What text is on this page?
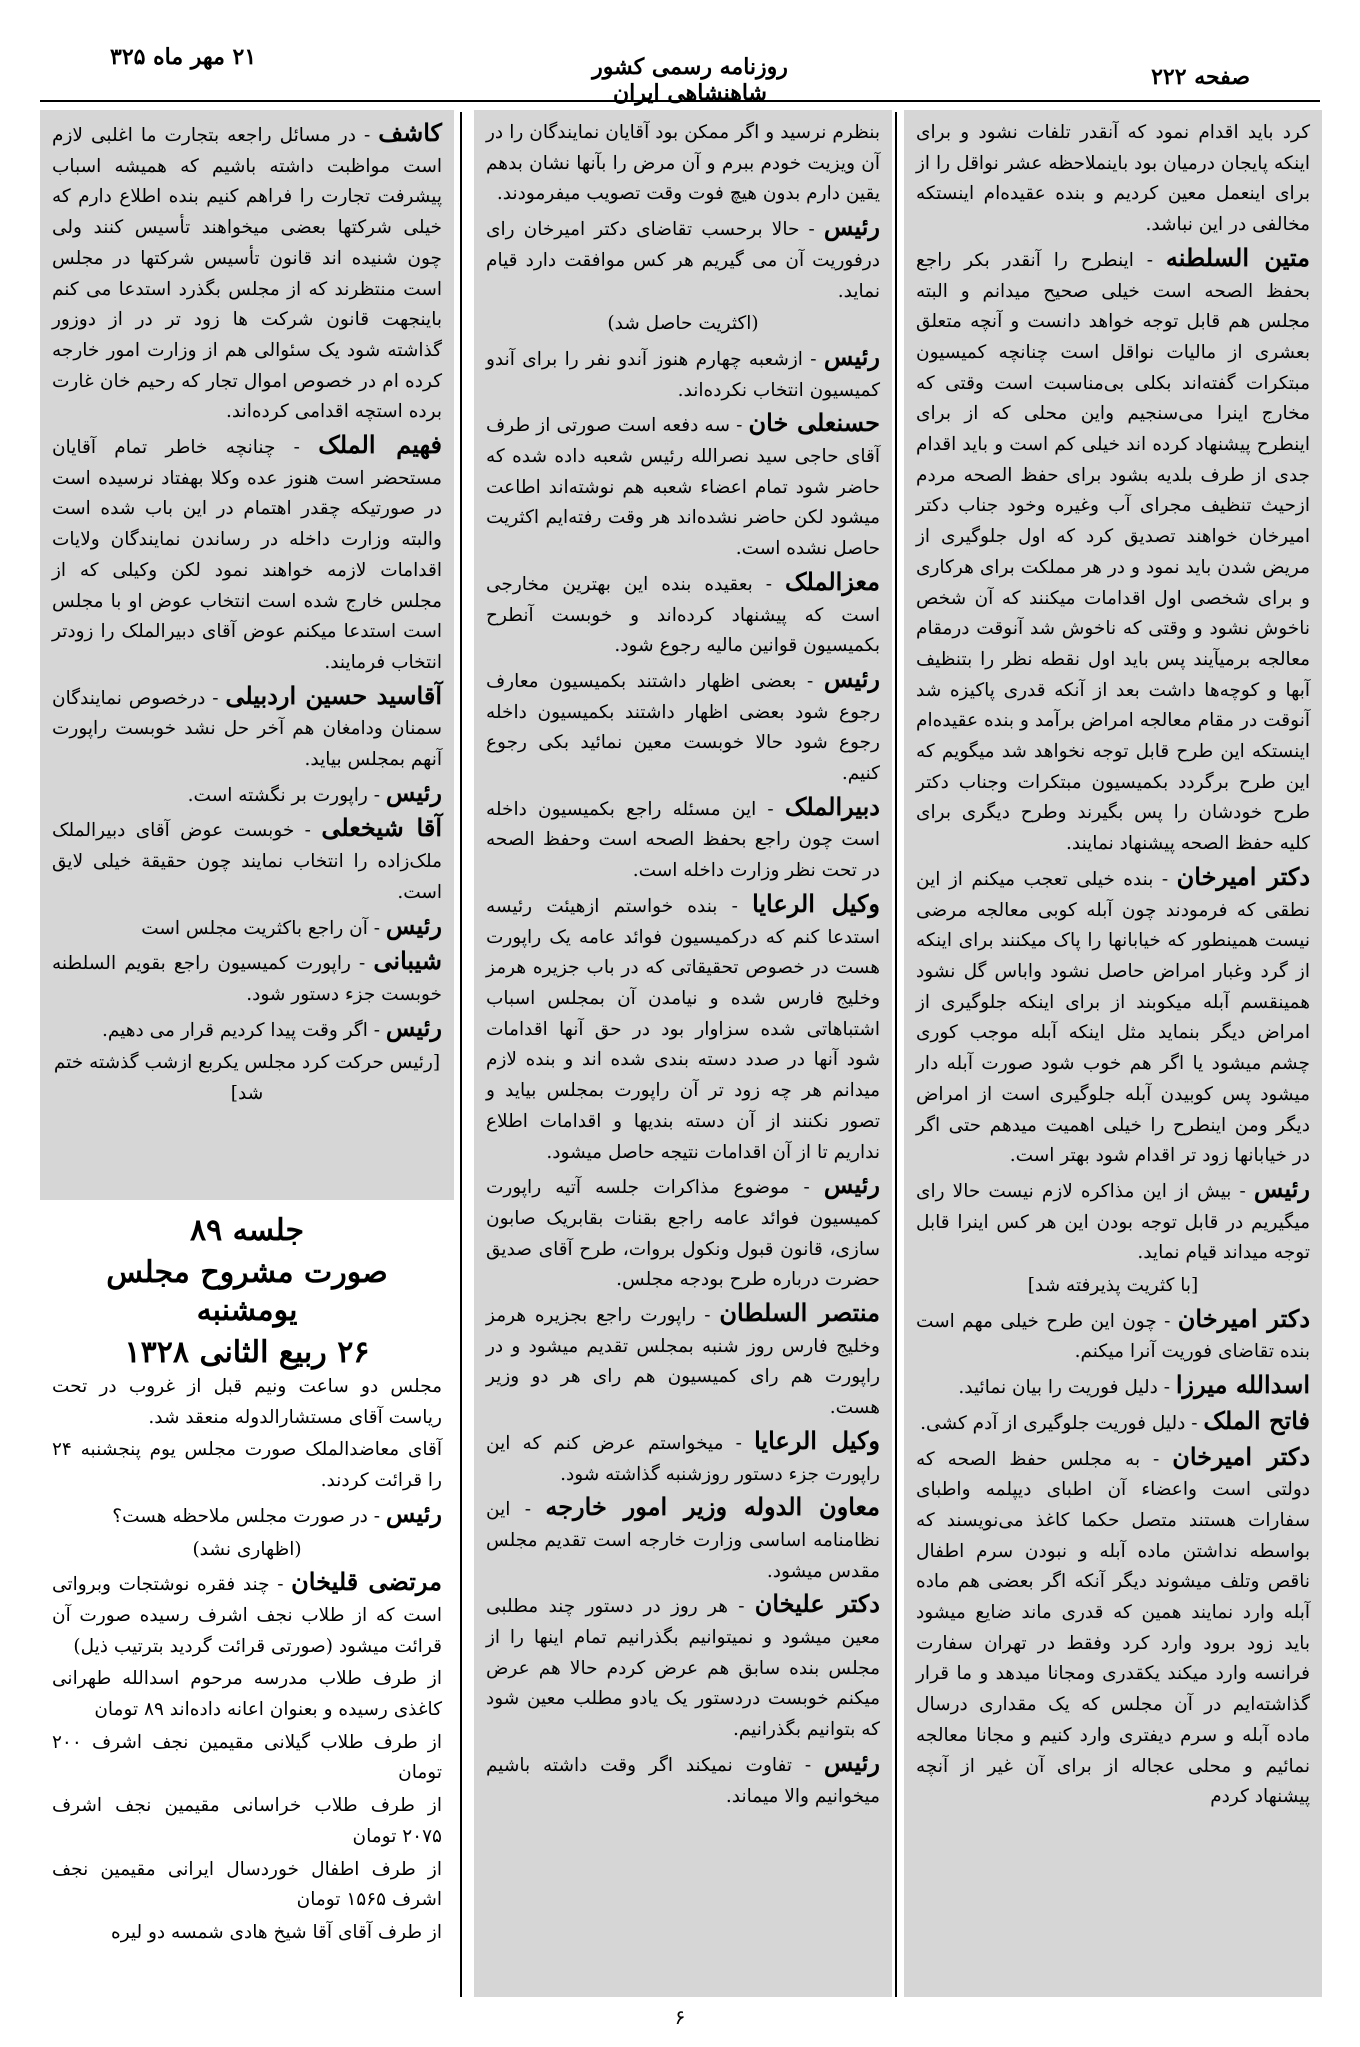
صفحه ۲۲۲
روزنامه رسمی کشور شاهنشاهی ایران
۲۱ مهر ماه ۳۲۵

کرد باید اقدام نمود که آنقدر تلفات نشود و برای اینکه پایجان درمیان بود باینملاحظه عشر نواقل را از برای اینعمل معین کردیم و بنده عقیده‌ام اینستکه مخالفی در این نباشد.

متین السلطنه - اینطرح را آنقدر بکر راجع بحفظ الصحه است خیلی صحیح میدانم و البته مجلس هم قابل توجه خواهد دانست و آنچه متعلق بعشری از مالیات نواقل است چنانچه کمیسیون مبتکرات گفته‌اند بکلی بی‌مناسبت است وقتی که مخارج اینرا می‌سنجیم واین محلی که از برای اینطرح پیشنهاد کرده اند خیلی کم است و باید اقدام جدی از طرف بلدیه بشود برای حفظ الصحه مردم ازحیث تنظیف مجرای آب وغیره وخود جناب دکتر امیرخان خواهند تصدیق کرد که اول جلوگیری از مریض شدن باید نمود و در هر مملکت برای هرکاری و برای شخصی اول اقدامات میکنند که آن شخص ناخوش نشود و وقتی که ناخوش شد آنوقت درمقام معالجه برمیآیند پس باید اول نقطه نظر را بتنظیف آبها و کوچه‌ها داشت بعد از آنکه قدری پاکیزه شد آنوقت در مقام معالجه امراض برآمد و بنده عقیده‌ام اینستکه این طرح قابل توجه نخواهد شد میگویم که این طرح برگردد بکمیسیون مبتکرات وجناب دکتر طرح خودشان را پس بگیرند وطرح دیگری برای کلیه حفظ الصحه پیشنهاد نمایند.

دکتر امیرخان - بنده خیلی تعجب میکنم از این نطقی که فرمودند چون آبله کوبی معالجه مرضی نیست همینطور که خیابانها را پاک میکنند برای اینکه از گرد وغبار امراض حاصل نشود واباس گل نشود همینقسم آبله میکوبند از برای اینکه جلوگیری از امراض دیگر بنماید مثل اینکه آبله موجب کوری چشم میشود یا اگر هم خوب شود صورت آبله دار میشود پس کوبیدن آبله جلوگیری است از امراض دیگر ومن اینطرح را خیلی اهمیت میدهم حتی اگر در خیابانها زود تر اقدام شود بهتر است.

رئیس - بیش از این مذاکره لازم نیست حالا رای میگیریم در قابل توجه بودن این هر کس اینرا قابل توجه میداند قیام نماید.

[با کثریت پذیرفته شد]

دکتر امیرخان - چون این طرح خیلی مهم است بنده تقاضای فوریت آنرا میکنم.

اسدالله میرزا - دلیل فوریت را بیان نمائید.

فاتح الملک - دلیل فوریت جلوگیری از آدم کشی.

دکتر امیرخان - به مجلس حفظ الصحه که دولتی است واعضاء آن اطبای دیپلمه واطبای سفارات هستند متصل حکما کاغذ می‌نویسند که بواسطه نداشتن ماده آبله و نبودن سرم اطفال ناقص وتلف میشوند دیگر آنکه اگر بعضی هم ماده آبله وارد نمایند همین که قدری ماند ضایع میشود باید زود برود وارد کرد وفقط در تهران سفارت فرانسه وارد میکند یکقدری ومجانا میدهد و ما قرار گذاشته‌ایم در آن مجلس که یک مقداری درسال ماده آبله و سرم دیفتری وارد کنیم و مجانا معالجه نمائیم و محلی عجاله از برای آن غیر از آنچه پیشنهاد کردم

بنظرم نرسید و اگر ممکن بود آقایان نمایندگان را در آن ویزیت خودم ببرم و آن مرض را بآنها نشان بدهم یقین دارم بدون هیچ فوت وقت تصویب میفرمودند.

رئیس - حالا برحسب تقاضای دکتر امیرخان رای درفوریت آن می گیریم هر کس موافقت دارد قیام نماید.

(اکثریت حاصل شد)

رئیس - ازشعبه چهارم هنوز آندو نفر را برای آندو کمیسیون انتخاب نکرده‌اند.

حسنعلی خان - سه دفعه است صورتی از طرف آقای حاجی سید نصرالله رئیس شعبه داده شده که حاضر شود تمام اعضاء شعبه هم نوشته‌اند اطاعت میشود لکن حاضر نشده‌اند هر وقت رفته‌ایم اکثریت حاصل نشده است.

معزالملک - بعقیده بنده این بهترین مخارجی است که پیشنهاد کرده‌اند و خوبست آنطرح بکمیسیون قوانین مالیه رجوع شود.

رئیس - بعضی اظهار داشتند بکمیسیون معارف رجوع شود بعضی اظهار داشتند بکمیسیون داخله رجوع شود حالا خوبست معین نمائید بکی رجوع کنیم.

دبیرالملک - این مسئله راجع بکمیسیون داخله است چون راجع بحفظ الصحه است وحفظ الصحه در تحت نظر وزارت داخله است.

وکیل الرعایا - بنده خواستم ازهیئت رئیسه استدعا کنم که درکمیسیون فوائد عامه یک راپورت هست در خصوص تحقیقاتی که در باب جزیره هرمز وخلیج فارس شده و نیامدن آن بمجلس اسباب اشتباهاتی شده سزاوار بود در حق آنها اقدامات شود آنها در صدد دسته بندی شده اند و بنده لازم میدانم هر چه زود تر آن راپورت بمجلس بیاید و تصور نکنند از آن دسته بندیها و اقدامات اطلاع نداریم تا از آن اقدامات نتیجه حاصل میشود.

رئیس - موضوع مذاکرات جلسه آتیه راپورت کمیسیون فوائد عامه راجع بقنات بقابریک صابون سازی، قانون قبول ونکول بروات، طرح آقای صدیق حضرت درباره طرح بودجه مجلس.

منتصر السلطان - راپورت راجع بجزیره هرمز وخلیج فارس روز شنبه بمجلس تقدیم میشود و در راپورت هم رای کمیسیون هم رای هر دو وزیر هست.

وکیل الرعایا - میخواستم عرض کنم که این راپورت جزء دستور روزشنبه گذاشته شود.

معاون الدوله وزیر امور خارجه - این نظامنامه اساسی وزارت خارجه است تقدیم مجلس مقدس میشود.

دکتر علیخان - هر روز در دستور چند مطلبی معین میشود و نمیتوانیم بگذرانیم تمام اینها را از مجلس بنده سابق هم عرض کردم حالا هم عرض میکنم خوبست دردستور یک یادو مطلب معین شود که بتوانیم بگذرانیم.

رئیس - تفاوت نمیکند اگر وقت داشته باشیم میخوانیم والا میماند.

کاشف - در مسائل راجعه بتجارت ما اغلبی لازم است مواظبت داشته باشیم که همیشه اسباب پیشرفت تجارت را فراهم کنیم بنده اطلاع دارم که خیلی شرکتها بعضی میخواهند تأسیس کنند ولی چون شنیده اند قانون تأسیس شرکتها در مجلس است منتظرند که از مجلس بگذرد استدعا می کنم باینجهت قانون شرکت ها زود تر در از دوزور گذاشته شود یک سئوالی هم از وزارت امور خارجه کرده ام در خصوص اموال تجار که رحیم خان غارت برده استچه اقدامی کرده‌اند.

فهیم الملک - چنانچه خاطر تمام آقایان مستحضر است هنوز عده وکلا بهفتاد نرسیده است در صورتیکه چقدر اهتمام در این باب شده است والبته وزارت داخله در رساندن نمایندگان ولایات اقدامات لازمه خواهند نمود لکن وکیلی که از مجلس خارج شده است انتخاب عوض او با مجلس است استدعا میکنم عوض آقای دبیرالملک را زودتر انتخاب فرمایند.

آقاسید حسین اردبیلی - درخصوص نمایندگان سمنان ودامغان هم آخر حل نشد خوبست راپورت آنهم بمجلس بیاید.

رئیس - راپورت بر نگشته است.

آقا شیخعلی - خوبست عوض آقای دبیرالملک ملک‌زاده را انتخاب نمایند چون حقیقة خیلی لایق است.

رئیس - آن راجع باکثریت مجلس است

شیبانی - راپورت کمیسیون راجع بقویم السلطنه خوبست جزء دستور شود.

رئیس - اگر وقت پیدا کردیم قرار می دهیم.

[رئیس حرکت کرد مجلس یکربع ازشب گذشته ختم شد]

جلسه ۸۹
صورت مشروح مجلس یومشنبه
۲۶ ربیع الثانی ۱۳۲۸

مجلس دو ساعت ونیم قبل از غروب در تحت ریاست آقای مستشارالدوله منعقد شد.

آقای معاضدالملک صورت مجلس یوم پنجشنبه ۲۴ را قرائت کردند.

رئیس - در صورت مجلس ملاحظه هست؟

(اظهاری نشد)

مرتضی قلیخان - چند فقره نوشتجات وبرواتی است که از طلاب نجف اشرف رسیده صورت آن قرائت میشود (صورتی قرائت گردید بترتیب ذیل)

از طرف طلاب مدرسه مرحوم اسدالله طهرانی کاغذی رسیده و بعنوان اعانه داده‌اند ۸۹ تومان

از طرف طلاب گیلانی مقیمین نجف اشرف ۲۰۰ تومان

از طرف طلاب خراسانی مقیمین نجف اشرف ۲۰۷۵ تومان

از طرف اطفال خوردسال ایرانی مقیمین نجف اشرف ۱۵۶۵ تومان

از طرف آقای آقا شیخ هادی شمسه دو لیره

۶
